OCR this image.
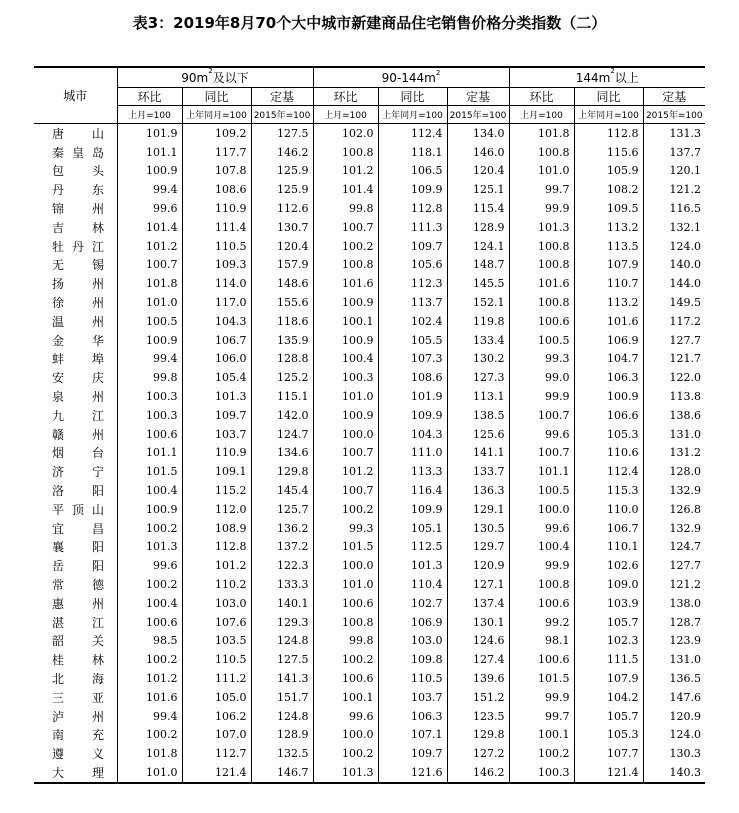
表3：2019年8月70个大中城市新建商品住宅销售价格分类指数（二）
城市	$90m^2$及以下			$90-144m^2$			$144m^2$以上		
	环比	同比	定基	环比	同比	定基	环比	同比	定基
	上月=100	上年同月=100	2015年=100	上月=100	上年同月=100	2015年=100	上月=100	上年同月=100	2015年=100
唐山	101.9	109.2	127.5	102.0	112.4	134.0	101.8	112.8	131.3
秦皇岛	101.1	117.7	146.2	100.8	118.1	146.0	100.8	115.6	137.7
包头	100.9	107.8	125.9	101.2	106.5	120.4	101.0	105.9	120.1
丹东	99.4	108.6	125.9	101.4	109.9	125.1	99.7	108.2	121.2
锦州	99.6	110.9	112.6	99.8	112.8	115.4	99.9	109.5	116.5
吉林	101.4	111.4	130.7	100.7	111.3	128.9	101.3	113.2	132.1
牡丹江	101.2	110.5	120.4	100.2	109.7	124.1	100.8	113.5	124.0
无锡	100.7	109.3	157.9	100.8	105.6	148.7	100.8	107.9	140.0
扬州	101.8	114.0	148.6	101.6	112.3	145.5	101.6	110.7	144.0
徐州	101.0	117.0	155.6	100.9	113.7	152.1	100.8	113.2	149.5
温州	100.5	104.3	118.6	100.1	102.4	119.8	100.6	101.6	117.2
金华	100.9	106.7	135.9	100.9	105.5	133.4	100.5	106.9	127.7
蚌埠	99.4	106.0	128.8	100.4	107.3	130.2	99.3	104.7	121.7
安庆	99.8	105.4	125.2	100.3	108.6	127.3	99.0	106.3	122.0
泉州	100.3	101.3	115.1	101.0	101.9	113.1	99.9	100.9	113.8
九江	100.3	109.7	142.0	100.9	109.9	138.5	100.7	106.6	138.6
赣州	100.6	103.7	124.7	100.0	104.3	125.6	99.6	105.3	131.0
烟台	101.1	110.9	134.6	100.7	111.0	141.1	100.7	110.6	131.2
济宁	101.5	109.1	129.8	101.2	113.3	133.7	101.1	112.4	128.0
洛阳	100.4	115.2	145.4	100.7	116.4	136.3	100.5	115.3	132.9
平顶山	100.9	112.0	125.7	100.2	109.9	129.1	100.0	110.0	126.8
宜昌	100.2	108.9	136.2	99.3	105.1	130.5	99.6	106.7	132.9
襄阳	101.3	112.8	137.2	101.5	112.5	129.7	100.4	110.1	124.7
岳阳	99.6	101.2	122.3	100.0	101.3	120.9	99.9	102.6	127.7
常德	100.2	110.2	133.3	101.0	110.4	127.1	100.8	109.0	121.2
惠州	100.4	103.0	140.1	100.6	102.7	137.4	100.6	103.9	138.0
湛江	100.6	107.6	129.3	100.8	106.9	130.1	99.2	105.7	128.7
韶关	98.5	103.5	124.8	99.8	103.0	124.6	98.1	102.3	123.9
桂林	100.2	110.5	127.5	100.2	109.8	127.4	100.6	111.5	131.0
北海	101.2	111.2	141.3	100.6	110.5	139.6	101.5	107.9	136.5
三亚	101.6	105.0	151.7	100.1	103.7	151.2	99.9	104.2	147.6
泸州	99.4	106.2	124.8	99.6	106.3	123.5	99.7	105.7	120.9
南充	100.2	107.0	128.9	100.0	107.1	129.8	100.1	105.3	124.0
遵义	101.8	112.7	132.5	100.2	109.7	127.2	100.2	107.7	130.3
大理	101.0	121.4	146.7	101.3	121.6	146.2	100.3	121.4	140.3
